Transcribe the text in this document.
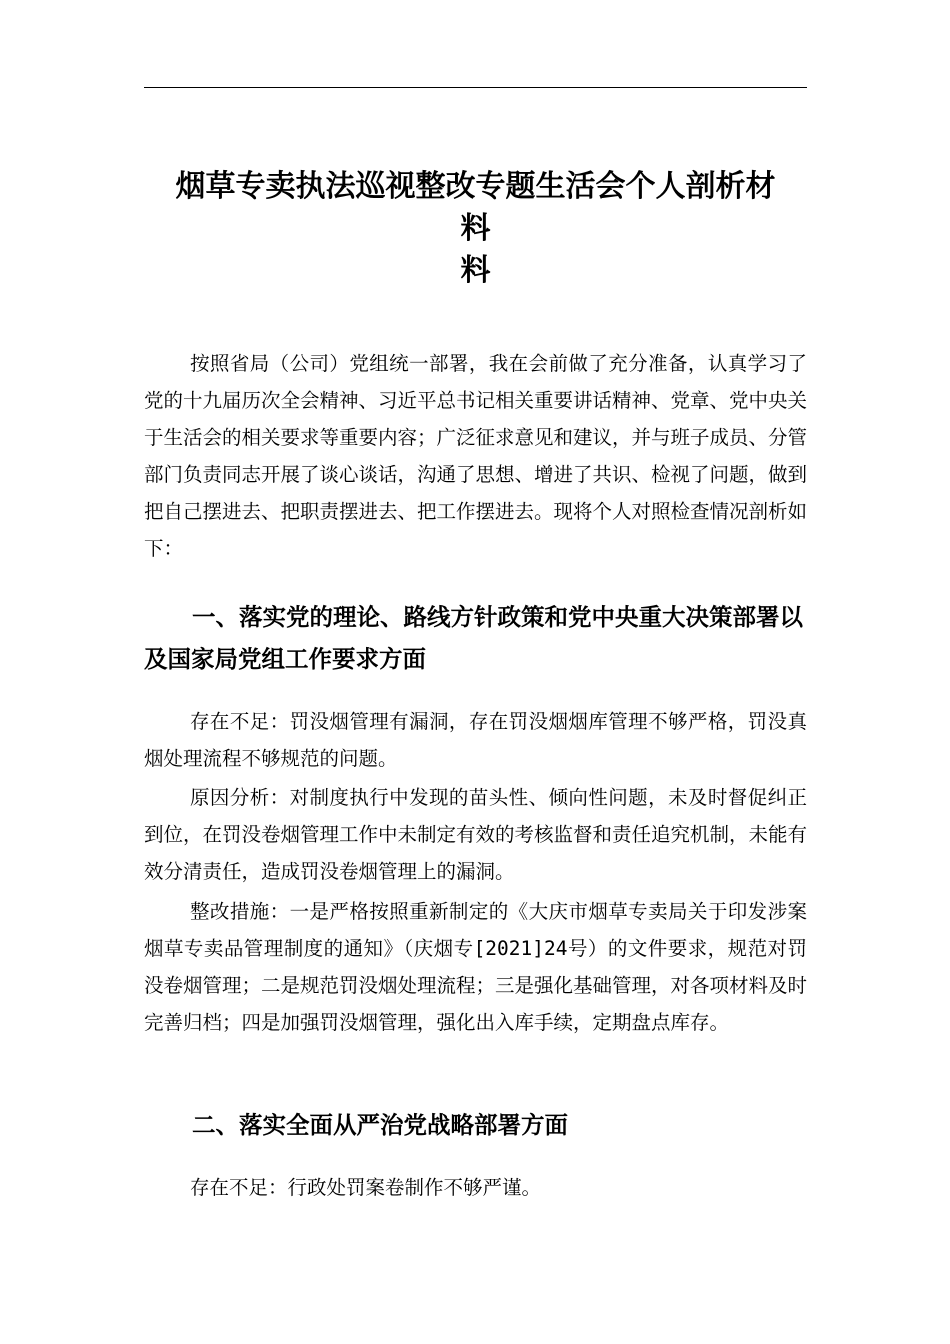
烟草专卖执法巡视整改专题生活会个人剖析材
料
料

按照省局（公司）党组统一部署，我在会前做了充分准备，认真学习了党的十九届历次全会精神、习近平总书记相关重要讲话精神、党章、党中央关于生活会的相关要求等重要内容；广泛征求意见和建议，并与班子成员、分管部门负责同志开展了谈心谈话，沟通了思想、增进了共识、检视了问题，做到把自己摆进去、把职责摆进去、把工作摆进去。现将个人对照检查情况剖析如下：

一、落实党的理论、路线方针政策和党中央重大决策部署以及国家局党组工作要求方面

存在不足：罚没烟管理有漏洞，存在罚没烟烟库管理不够严格，罚没真烟处理流程不够规范的问题。

原因分析：对制度执行中发现的苗头性、倾向性问题，未及时督促纠正到位，在罚没卷烟管理工作中未制定有效的考核监督和责任追究机制，未能有效分清责任，造成罚没卷烟管理上的漏洞。

整改措施：一是严格按照重新制定的《大庆市烟草专卖局关于印发涉案烟草专卖品管理制度的通知》（庆烟专[2021]24号）的文件要求，规范对罚没卷烟管理；二是规范罚没烟处理流程；三是强化基础管理，对各项材料及时完善归档；四是加强罚没烟管理，强化出入库手续，定期盘点库存。

二、落实全面从严治党战略部署方面

存在不足：行政处罚案卷制作不够严谨。
